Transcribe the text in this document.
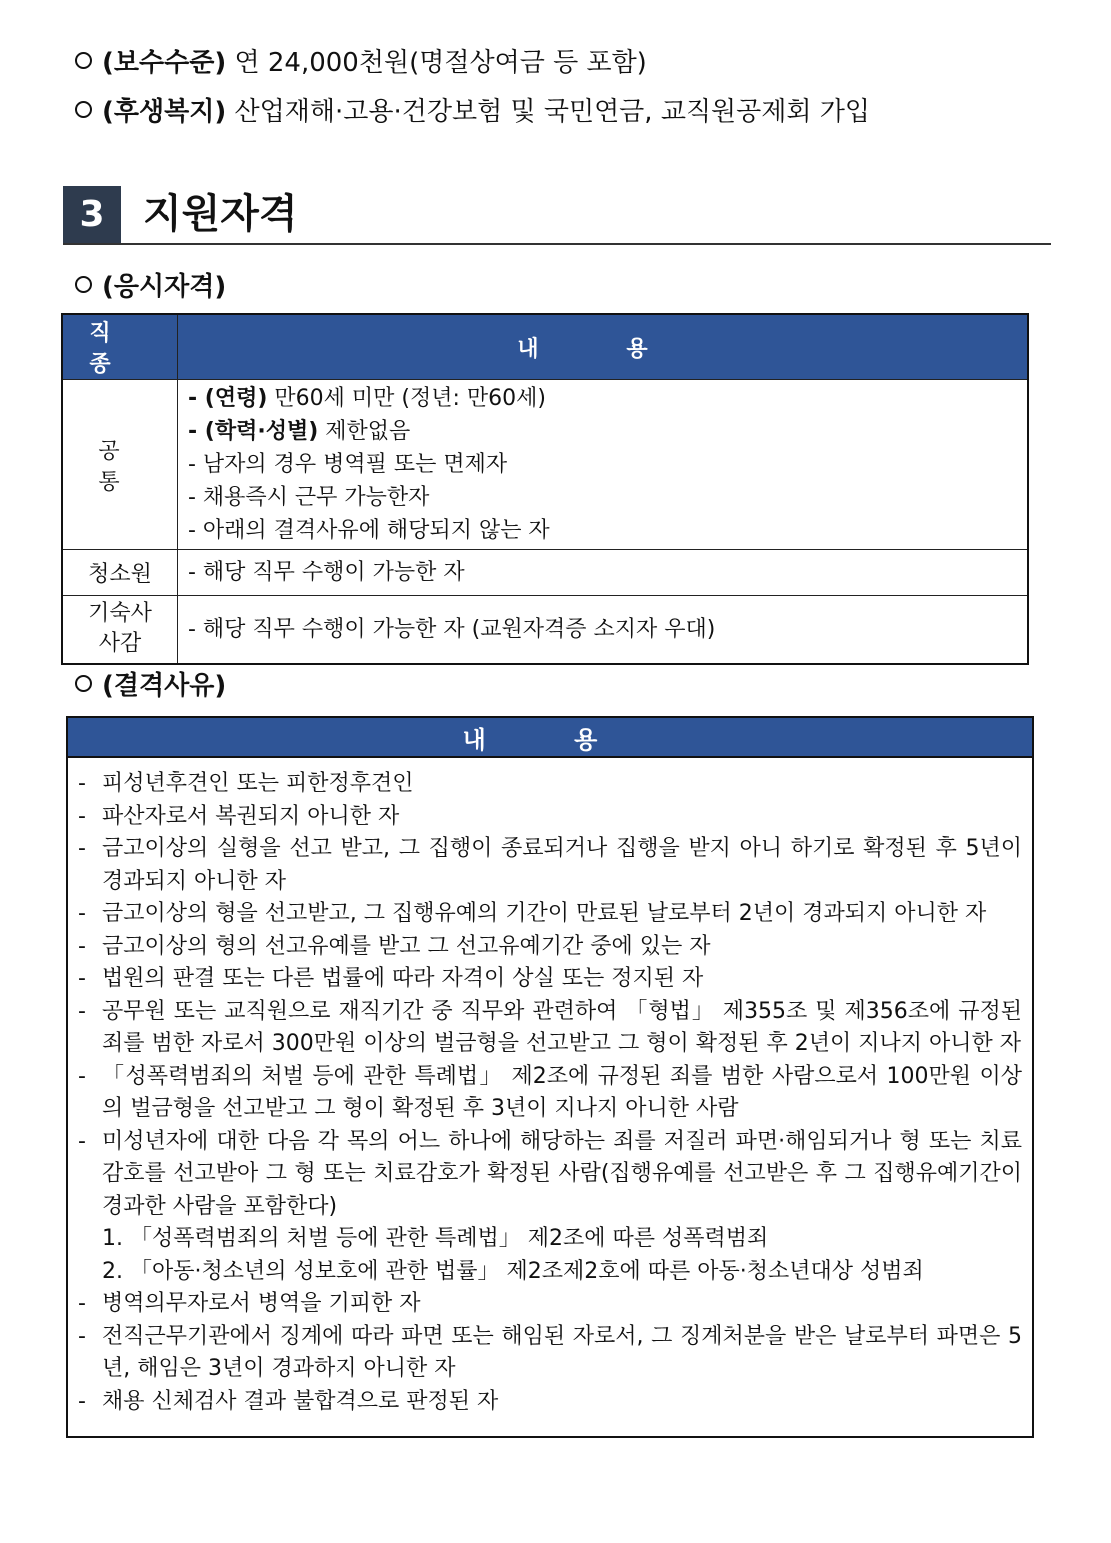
(보수수준) 연 24,000천원(명절상여금 등 포함)
(후생복지) 산업재해·고용·건강보험 및 국민연금, 교직원공제회 가입
3 지원자격
(응시자격)
직 종	내 용
공 통	- (연령) 만60세 미만 (정년: 만60세)
- (학력·성별) 제한없음
- 남자의 경우 병역필 또는 면제자
- 채용즉시 근무 가능한자
- 아래의 결격사유에 해당되지 않는 자

청소원	- 해당 직무 수행이 가능한 자
기숙사
사감	- 해당 직무 수행이 가능한 자 (교원자격증 소지자 우대)
(결격사유)
내 용

- 피성년후견인 또는 피한정후견인
- 파산자로서 복권되지 아니한 자
- 금고이상의 실형을 선고 받고, 그 집행이 종료되거나 집행을 받지 아니 하기로 확정된 후 5년이 경과되지 아니한 자
- 금고이상의 형을 선고받고, 그 집행유예의 기간이 만료된 날로부터 2년이 경과되지 아니한 자
- 금고이상의 형의 선고유예를 받고 그 선고유예기간 중에 있는 자
- 법원의 판결 또는 다른 법률에 따라 자격이 상실 또는 정지된 자
- 공무원 또는 교직원으로 재직기간 중 직무와 관련하여 「형법」 제355조 및 제356조에 규정된 죄를 범한 자로서 300만원 이상의 벌금형을 선고받고 그 형이 확정된 후 2년이 지나지 아니한 자
- 「성폭력범죄의 처벌 등에 관한 특례법」 제2조에 규정된 죄를 범한 사람으로서 100만원 이상의 벌금형을 선고받고 그 형이 확정된 후 3년이 지나지 아니한 사람
- 미성년자에 대한 다음 각 목의 어느 하나에 해당하는 죄를 저질러 파면·해임되거나 형 또는 치료감호를 선고받아 그 형 또는 치료감호가 확정된 사람(집행유예를 선고받은 후 그 집행유예기간이 경과한 사람을 포함한다)
1. 「성폭력범죄의 처벌 등에 관한 특례법」 제2조에 따른 성폭력범죄
2. 「아동·청소년의 성보호에 관한 법률」 제2조제2호에 따른 아동·청소년대상 성범죄
- 병역의무자로서 병역을 기피한 자
- 전직근무기관에서 징계에 따라 파면 또는 해임된 자로서, 그 징계처분을 받은 날로부터 파면은 5년, 해임은 3년이 경과하지 아니한 자
- 채용 신체검사 결과 불합격으로 판정된 자
